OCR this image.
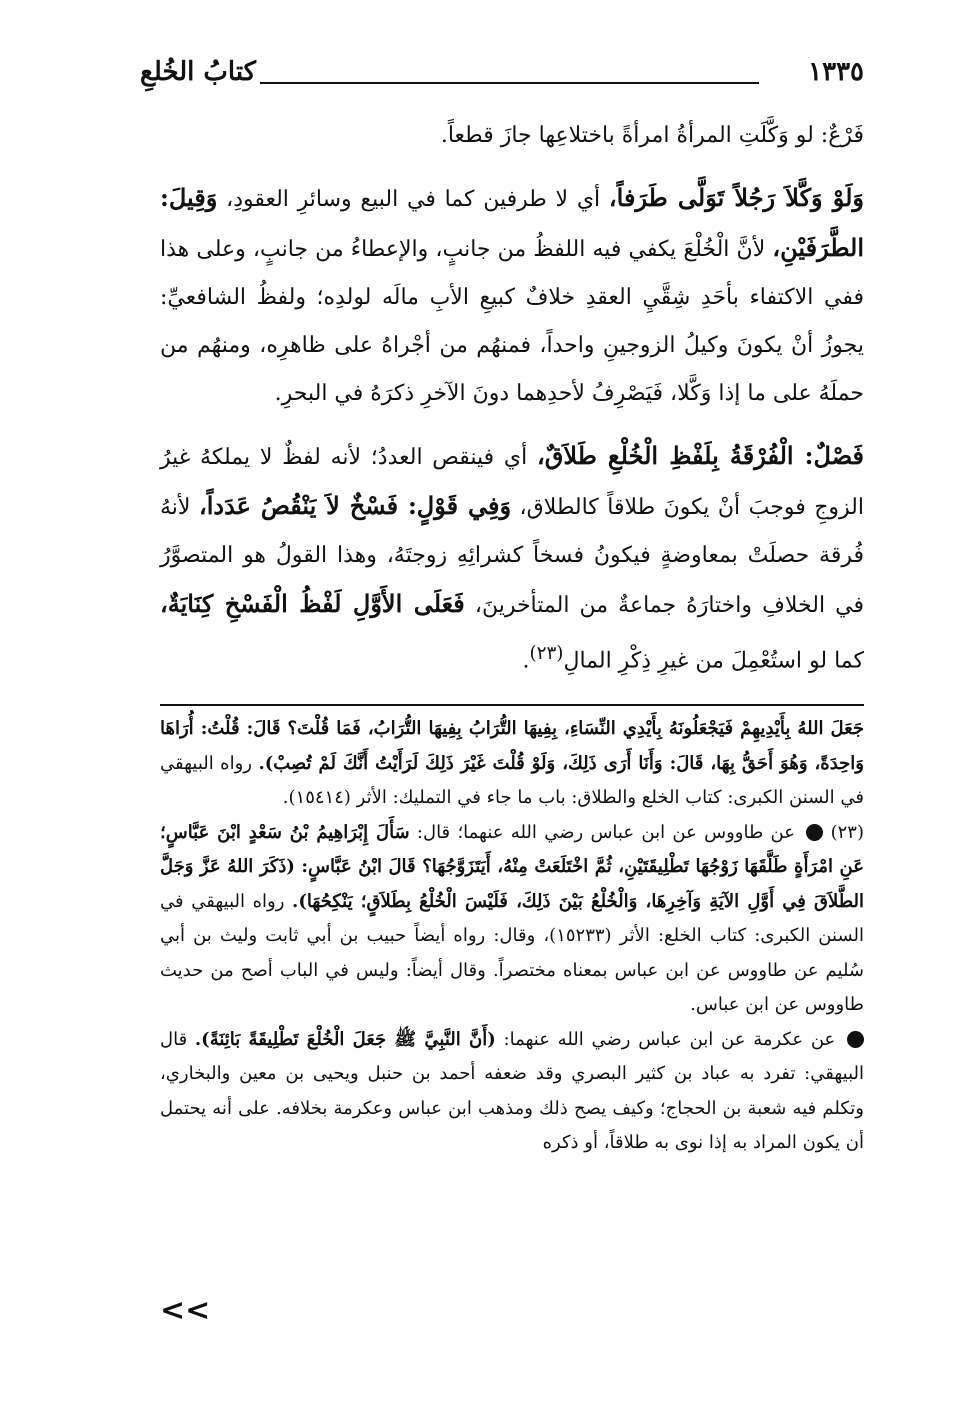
١٣٣٥
كتابُ الخُلعِ

فَرْعٌ: لو وَكَّلَتِ المرأةُ امرأةً باختلاعِها جازَ قطعاً.

وَلَوْ وَكَّلاَ رَجُلاً تَوَلَّى طَرَفاً، أي لا طرفين كما في البيع وسائرِ العقودِ، وَقِيلَ: الطَّرَفَيْنِ، لأنَّ الْخُلْعَ يكفي فيه اللفظُ من جانبٍ، والإعطاءُ من جانبٍ، وعلى هذا ففي الاكتفاء بأحَدِ شِقَّيِ العقدِ خلافٌ كبيعِ الأبِ مالَه لولدِه؛ ولفظُ الشافعيِّ: يجوزُ أنْ يكونَ وكيلُ الزوجينِ واحداً، فمنهُم من أجْراهُ على ظاهرِه، ومنهُم من حملَهُ على ما إذا وَكَّلا، فَيَصْرِفُ لأحدِهما دونَ الآخرِ ذكرَهُ في البحرِ.

فَصْلٌ: الْفُرْقَةُ بِلَفْظِ الْخُلْعِ طَلاَقٌ، أي فينقص العددُ؛ لأنه لفظٌ لا يملكهُ غيرُ الزوجِ فوجبَ أنْ يكونَ طلاقاً كالطلاق، وَفِي قَوْلٍ: فَسْخٌ لاَ يَنْقُصُ عَدَداً، لأنهُ فُرقة حصلَتْ بمعاوضةٍ فيكونُ فسخاً كشرائِهِ زوجتَهُ، وهذا القولُ هو المتصوَّرُ في الخلافِ واختارَهُ جماعةٌ من المتأخرينَ، فَعَلَى الأَوَّلِ لَفْظُ الْفَسْخِ كِنَايَةٌ، كما لو استُعْمِلَ من غيرِ ذِكْرِ المالِ$^{(٢٣)}$.

جَعَلَ اللهُ بِأَيْدِيهِمْ فَيَجْعَلُونَهُ بِأَيْدِي النِّسَاءِ، بِفِيهَا التُّرَابُ بِفِيهَا التُّرَابُ، فَمَا قُلْتَ؟ قَالَ: قُلْتُ: أُرَاهَا وَاحِدَةً، وَهُوَ أَحَقُّ بِهَا، قَالَ: وَأَنَا أَرَى ذَلِكَ، وَلَوْ قُلْتَ غَيْرَ ذَلِكَ لَرَأَيْتُ أَنَّكَ لَمْ تُصِبْ). رواه البيهقي في السنن الكبرى: كتاب الخلع والطلاق: باب ما جاء في التمليك: الأثر (١٥٤١٤).

(٢٣)  عن طاووس عن ابن عباس رضي الله عنهما؛ قال: سَأَلَ إِبْرَاهِيمُ بْنُ سَعْدٍ ابْنَ عَبَّاسٍ؛ عَنِ امْرَأَةٍ طَلَّقَهَا زَوْجُهَا تَطْلِيقَتَيْنِ، ثُمَّ اخْتَلَعَتْ مِنْهُ، أَيَتَزَوَّجُهَا؟ قَالَ ابْنُ عَبَّاسٍ: (ذَكَرَ اللهُ عَزَّ وَجَلَّ الطَّلاَقَ فِي أَوَّلِ الآيَةِ وَآخِرِهَا، وَالْخُلْعُ بَيْنَ ذَلِكَ، فَلَيْسَ الْخُلْعُ بِطَلاَقٍ؛ يَنْكِحُهَا). رواه البيهقي في السنن الكبرى: كتاب الخلع: الأثر (١٥٢٣٣)، وقال: رواه أيضاً حبيب بن أبي ثابت وليث بن أبي سُليم عن طاووس عن ابن عباس بمعناه مختصراً. وقال أيضاً: وليس في الباب أصح من حديث طاووس عن ابن عباس.

عن عكرمة عن ابن عباس رضي الله عنهما: (أَنَّ النَّبِيَّ ﷺ جَعَلَ الْخُلْعَ تَطْلِيقَةً بَائِنَةً). قال البيهقي: تفرد به عباد بن كثير البصري وقد ضعفه أحمد بن حنبل ويحيى بن معين والبخاري، وتكلم فيه شعبة بن الحجاج؛ وكيف يصح ذلك ومذهب ابن عباس وعكرمة بخلافه. على أنه يحتمل أن يكون المراد به إذا نوى به طلاقاً، أو ذكره

<<
